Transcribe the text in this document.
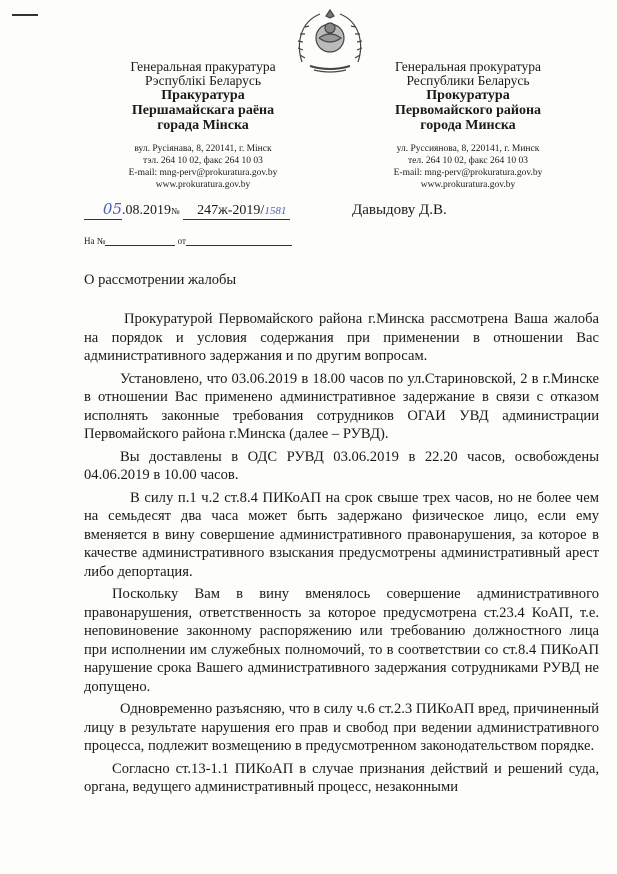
Генеральная пракуратура
Рэспублікі Беларусь
Пракуратура
Першамайскага раёна
горада Мінска
вул. Русіянава, 8, 220141, г. Мінск
тэл. 264 10 02, факс 264 10 03
E-mail: mng-perv@prokuratura.gov.by
www.prokuratura.gov.by
Генеральная прокуратура
Республики Беларусь
Прокуратура
Первомайского района
города Минска
ул. Руссиянова, 8, 220141, г. Минск
тел. 264 10 02, факс 264 10 03
E-mail: mng-perv@prokuratura.gov.by
www.prokuratura.gov.by
05.08.2019№ 247ж-2019/1581	Давыдову Д.В.
На №	от
О рассмотрении жалобы

Прокуратурой Первомайского района г.Минска рассмотрена Ваша жалоба на порядок и условия содержания при применении в отношении Вас административного задержания и по другим вопросам.

Установлено, что 03.06.2019 в 18.00 часов по ул.Стариновской, 2 в г.Минске в отношении Вас применено административное задержание в связи с отказом исполнять законные требования сотрудников ОГАИ УВД администрации Первомайского района г.Минска (далее – РУВД).

Вы доставлены в ОДС РУВД 03.06.2019 в 22.20 часов, освобождены 04.06.2019 в 10.00 часов.

В силу п.1 ч.2 ст.8.4 ПИКоАП на срок свыше трех часов, но не более чем на семьдесят два часа может быть задержано физическое лицо, если ему вменяется в вину совершение административного правонарушения, за которое в качестве административного взыскания предусмотрены административный арест либо депортация.

Поскольку Вам в вину вменялось совершение административного правонарушения, ответственность за которое предусмотрена ст.23.4 КоАП, т.е. неповиновение законному распоряжению или требованию должностного лица при исполнении им служебных полномочий, то в соответствии со ст.8.4 ПИКоАП нарушение срока Вашего административного задержания сотрудниками РУВД не допущено.

Одновременно разъясняю, что в силу ч.6 ст.2.3 ПИКоАП вред, причиненный лицу в результате нарушения его прав и свобод при ведении административного процесса, подлежит возмещению в предусмотренном законодательством порядке.

Согласно ст.13-1.1 ПИКоАП в случае признания действий и решений суда, органа, ведущего административный процесс, незаконными
